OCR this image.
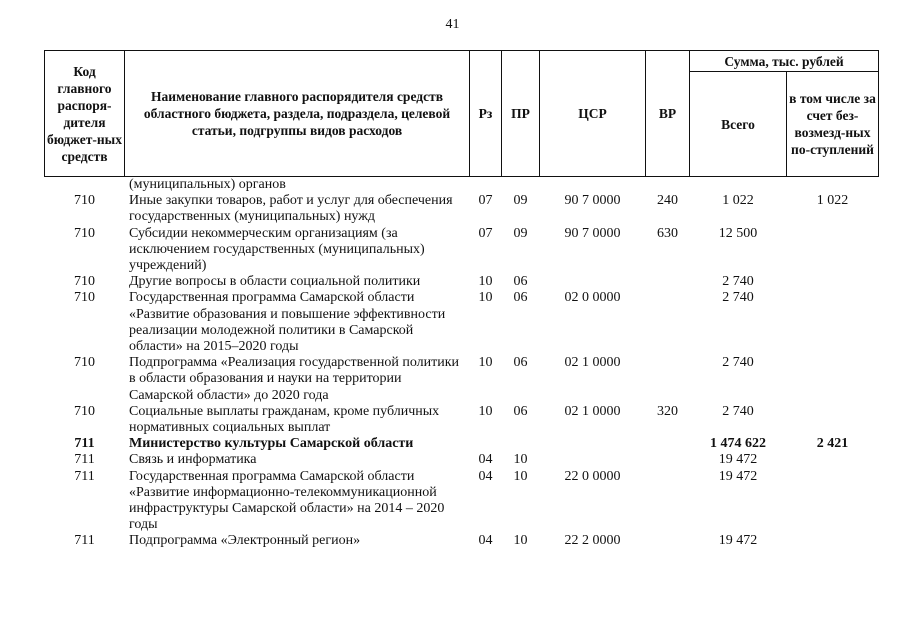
41
Код главного распоря-дителя бюджет-ных средств	Наименование главного распорядителя средств областного бюджета, раздела, подраздела, целевой статьи, подгруппы видов расходов	Рз	ПР	ЦСР	ВР	Сумма, тыс. рублей	
						Всего	в том числе за счет без-возмезд-ных по-ступлений
	(муниципальных) органов						
710	Иные закупки товаров, работ и услуг для обеспечения государственных (муниципальных) нужд	07	09	90 7 0000	240	1 022	1 022
710	Субсидии некоммерческим организациям (за исключением государственных (муниципальных) учреждений)	07	09	90 7 0000	630	12 500	
710	Другие вопросы в области социальной политики	10	06			2 740	
710	Государственная программа Самарской области «Развитие образования и повышение эффективности реализации молодежной политики в Самарской области» на 2015–2020 годы	10	06	02 0 0000		2 740	
710	Подпрограмма «Реализация государственной политики в области образования и науки на территории Самарской области» до 2020 года	10	06	02 1 0000		2 740	
710	Социальные выплаты гражданам, кроме публичных нормативных социальных выплат	10	06	02 1 0000	320	2 740	
711	Министерство культуры Самарской области					1 474 622	2 421
711	Связь и информатика	04	10			19 472	
711	Государственная программа Самарской области «Развитие информационно-телекоммуникационной инфраструктуры Самарской области» на 2014 – 2020 годы	04	10	22 0 0000		19 472	
711	Подпрограмма «Электронный регион»	04	10	22 2 0000		19 472	
